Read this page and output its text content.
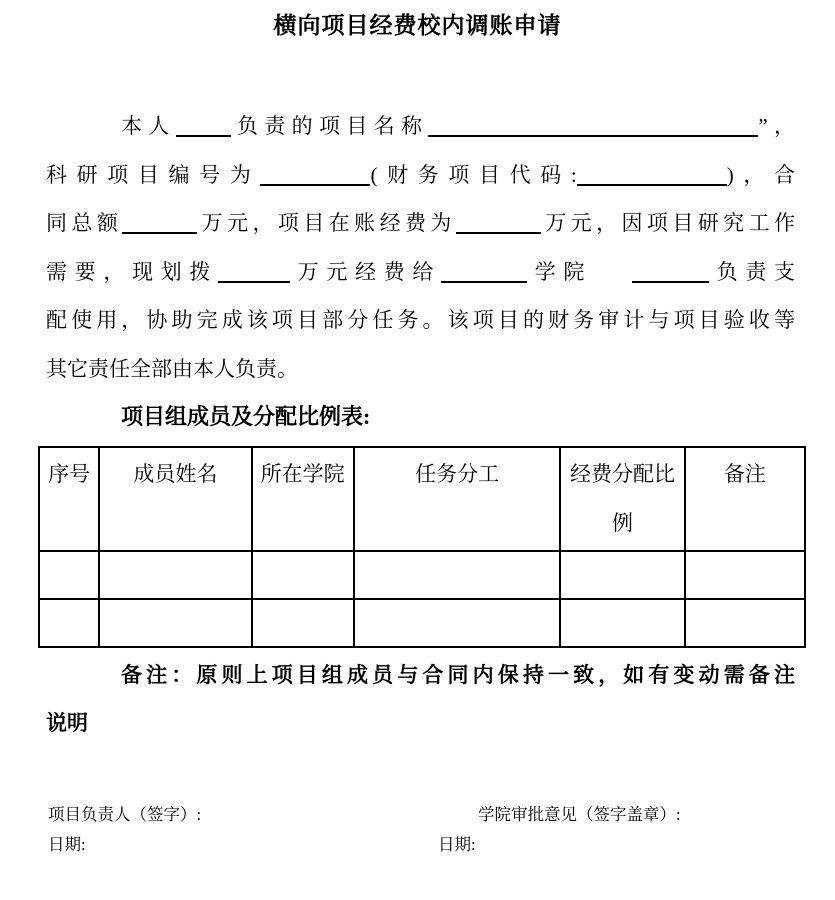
横向项目经费校内调账申请
本人	负责的项目名称	”，
科研项目编号为	(财务项目代码:	)，合
同总额	万元，项目在账经费为	万元，因项目研究工作
需要，现划拨	万元经费给	学院	负责支
配使用，协助完成该项目部分任务。该项目的财务审计与项目验收等
其它责任全部由本人负责。
项目组成员及分配比例表:
序号	成员姓名	所在学院	任务分工	经费分配比例	备注

备注：原则上项目组成员与合同内保持一致，如有变动需备注
说明
项目负责人（签字）:
日期:
学院审批意见（签字盖章）:
日期:
